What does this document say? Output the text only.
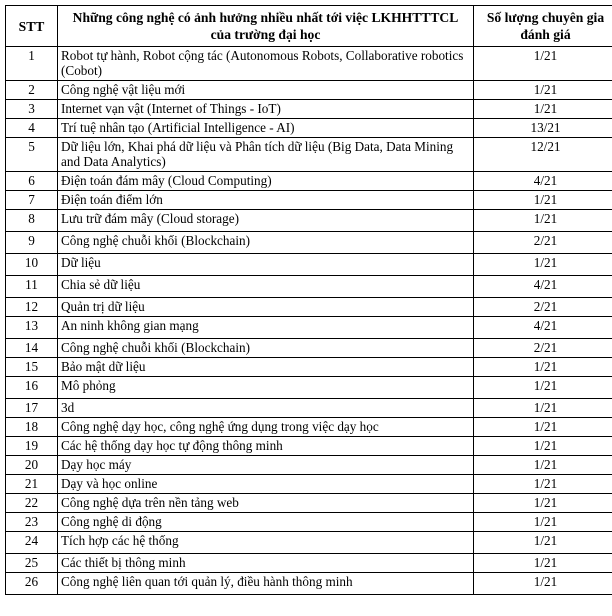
STT	Những công nghệ có ảnh hưởng nhiều nhất tới việc LKHHTTTCL của trường đại học	Số lượng chuyên gia đánh giá
1	Robot tự hành, Robot cộng tác (Autonomous Robots, Collaborative robotics (Cobot)	1/21
2	Công nghệ vật liệu mới	1/21
3	Internet vạn vật (Internet of Things - IoT)	1/21
4	Trí tuệ nhân tạo (Artificial Intelligence - AI)	13/21
5	Dữ liệu lớn, Khai phá dữ liệu và Phân tích dữ liệu (Big Data, Data Mining and Data Analytics)	12/21
6	Điện toán đám mây (Cloud Computing)	4/21
7	Điện toán điểm lớn	1/21
8	Lưu trữ đám mây (Cloud storage)	1/21
9	Công nghệ chuỗi khối (Blockchain)	2/21
10	Dữ liệu	1/21
11	Chia sẻ dữ liệu	4/21
12	Quản trị dữ liệu	2/21
13	An ninh không gian mạng	4/21
14	Công nghệ chuỗi khối (Blockchain)	2/21
15	Bảo mật dữ liệu	1/21
16	Mô phỏng	1/21
17	3d	1/21
18	Công nghệ dạy học, công nghệ ứng dụng trong việc dạy học	1/21
19	Các hệ thống dạy học tự động thông minh	1/21
20	Dạy học máy	1/21
21	Dạy và học online	1/21
22	Công nghệ dựa trên nền tảng web	1/21
23	Công nghệ di động	1/21
24	Tích hợp các hệ thống	1/21
25	Các thiết bị thông minh	1/21
26	Công nghệ liên quan tới quản lý, điều hành thông minh	1/21
